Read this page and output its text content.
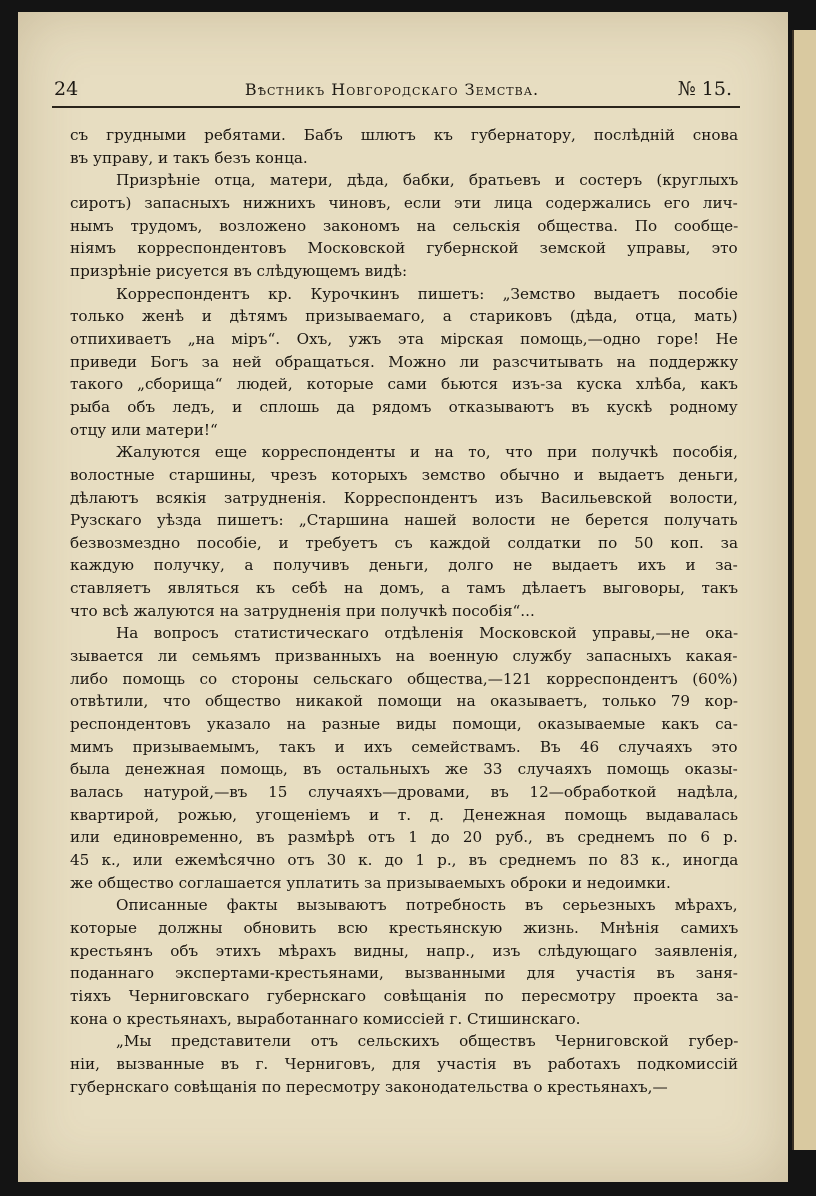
24	Вѣстникъ Новгородскаго Земства.	№ 15.
съ грудными ребятами. Бабъ шлютъ къ губернатору, послѣдній снова
въ управу, и такъ безъ конца.
Призрѣніе отца, матери, дѣда, бабки, братьевъ и состеръ (круглыхъ
сиротъ) запасныхъ нижнихъ чиновъ, если эти лица содержались его лич-
нымъ трудомъ, возложено закономъ на сельскія общества. По сообще-
ніямъ корреспондентовъ Московской губернской земской управы, это
призрѣніе рисуется въ слѣдующемъ видѣ:
Корреспондентъ кр. Курочкинъ пишетъ: „Земство выдаетъ пособіе
только женѣ и дѣтямъ призываемаго, а стариковъ (дѣда, отца, мать)
отпихиваетъ „на міръ“. Охъ, ужъ эта мірская помощь,—одно горе! Не
приведи Богъ за ней обращаться. Можно ли разсчитывать на поддержку
такого „сборища“ людей, которые сами бьются изъ-за куска хлѣба, какъ
рыба объ ледъ, и сплошь да рядомъ отказываютъ въ кускѣ родному
отцу или матери!“
Жалуются еще корреспонденты и на то, что при получкѣ пособія,
волостные старшины, чрезъ которыхъ земство обычно и выдаетъ деньги,
дѣлаютъ всякія затрудненія. Корреспондентъ изъ Васильевской волости,
Рузскаго уѣзда пишетъ: „Старшина нашей волости не берется получать
безвозмездно пособіе, и требуетъ съ каждой солдатки по 50 коп. за
каждую получку, а получивъ деньги, долго не выдаетъ ихъ и за-
ставляетъ являться къ себѣ на домъ, а тамъ дѣлаетъ выговоры, такъ
что всѣ жалуются на затрудненія при получкѣ пособія“...
На вопросъ статистическаго отдѣленія Московской управы,—не ока-
зывается ли семьямъ призванныхъ на военную службу запасныхъ какая-
либо помощь со стороны сельскаго общества,—121 корреспондентъ (60%)
отвѣтили, что общество никакой помощи на оказываетъ, только 79 кор-
респондентовъ указало на разные виды помощи, оказываемые какъ са-
мимъ призываемымъ, такъ и ихъ семействамъ. Въ 46 случаяхъ это
была денежная помощь, въ остальныхъ же 33 случаяхъ помощь оказы-
валась натурой,—въ 15 случаяхъ—дровами, въ 12—обработкой надѣла,
квартирой, рожью, угощеніемъ и т. д. Денежная помощь выдавалась
или единовременно, въ размѣрѣ отъ 1 до 20 руб., въ среднемъ по 6 р.
45 к., или ежемѣсячно отъ 30 к. до 1 р., въ среднемъ по 83 к., иногда
же общество соглашается уплатить за призываемыхъ оброки и недоимки.
Описанные факты вызываютъ потребность въ серьезныхъ мѣрахъ,
которые должны обновить всю крестьянскую жизнь. Мнѣнія самихъ
крестьянъ объ этихъ мѣрахъ видны, напр., изъ слѣдующаго заявленія,
поданнаго экспертами-крестьянами, вызванными для участія въ заня-
тіяхъ Черниговскаго губернскаго совѣщанія по пересмотру проекта за-
кона о крестьянахъ, выработаннаго комиссіей г. Стишинскаго.
„Мы представители отъ сельскихъ обществъ Черниговской губер-
ніи, вызванные въ г. Черниговъ, для участія въ работахъ подкомиссій
губернскаго совѣщанія по пересмотру законодательства о крестьянахъ,—
